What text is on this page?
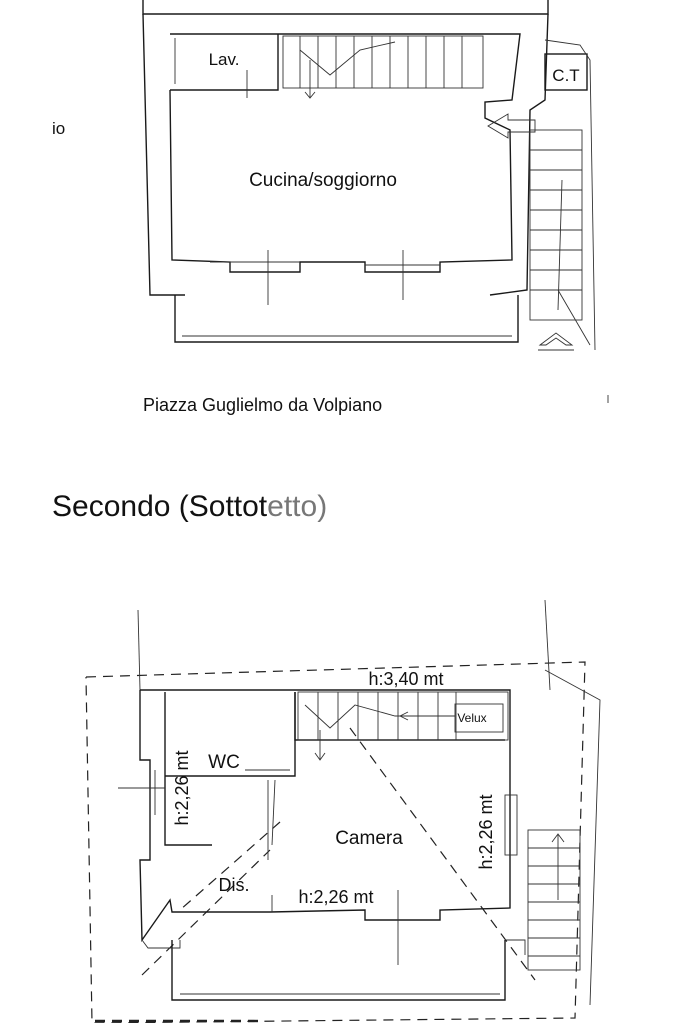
io
Lav.
C.T
Cucina/soggiorno
h:3,40 mt
Velux
WC
Camera
Dis.
h:2,26 mt
h:2,26 mt
h:2,26 mt
Piazza Guglielmo da Volpiano
Secondo (Sottotetto)
